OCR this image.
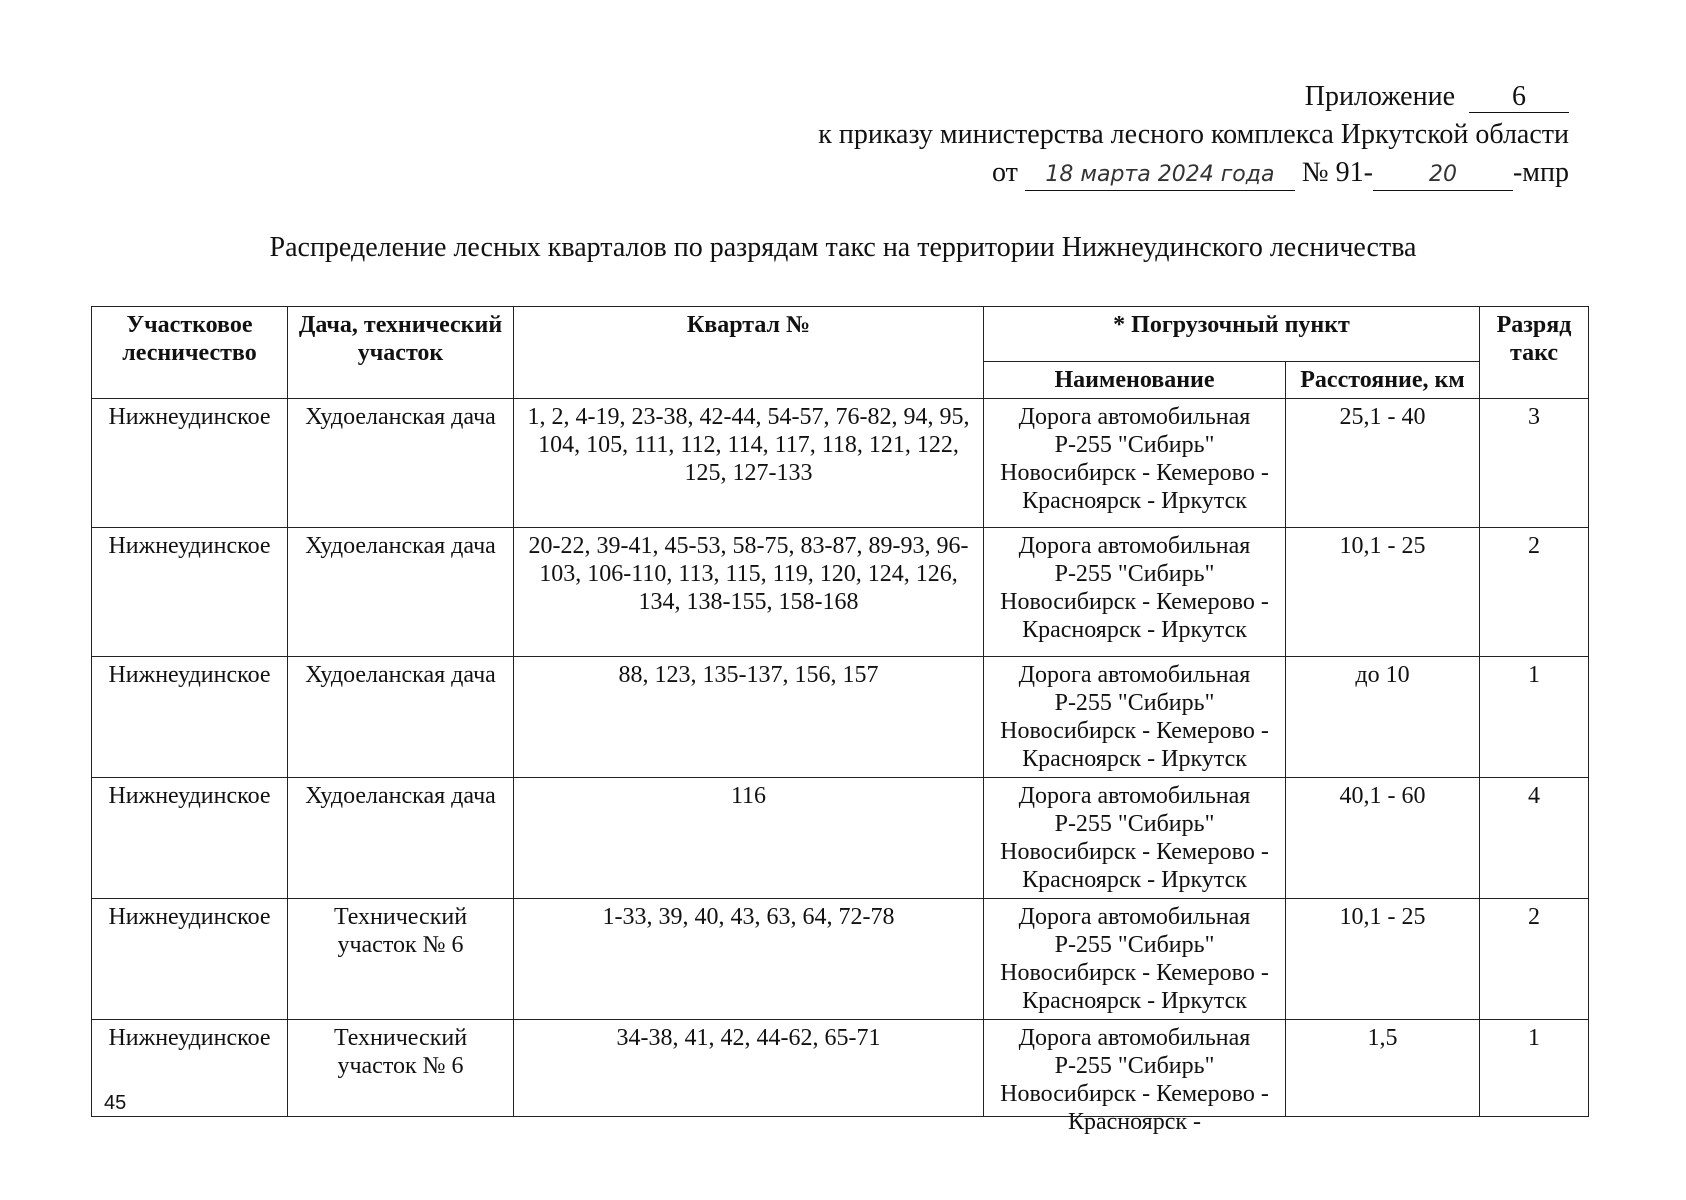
Приложение 6
к приказу министерства лесного комплекса Иркутской области
от 18 марта 2024 года № 91-	20 -мпр
Распределение лесных кварталов по разрядам такс на территории Нижнеудинского лесничества
Участковое лесничество	Дача, технический участок	Квартал №	* Погрузочный пункт		Разряд такс
			Наименование	Расстояние, км	
Нижнеудинское	Худоеланская дача	1, 2, 4-19, 23-38, 42-44, 54-57, 76-82, 94, 95, 104, 105, 111, 112, 114, 117, 118, 121, 122, 125, 127-133	Дорога автомобильная Р-255 "Сибирь" Новосибирск - Кемерово - Красноярск - Иркутск	25,1 - 40	3
Нижнеудинское	Худоеланская дача	20-22, 39-41, 45-53, 58-75, 83-87, 89-93, 96-103, 106-110, 113, 115, 119, 120, 124, 126, 134, 138-155, 158-168	Дорога автомобильная Р-255 "Сибирь" Новосибирск - Кемерово - Красноярск - Иркутск	10,1 - 25	2
Нижнеудинское	Худоеланская дача	88, 123, 135-137, 156, 157	Дорога автомобильная Р-255 "Сибирь" Новосибирск - Кемерово - Красноярск - Иркутск	до 10	1
Нижнеудинское	Худоеланская дача	116	Дорога автомобильная Р-255 "Сибирь" Новосибирск - Кемерово - Красноярск - Иркутск	40,1 - 60	4
Нижнеудинское	Технический участок № 6	1-33, 39, 40, 43, 63, 64, 72-78	Дорога автомобильная Р-255 "Сибирь" Новосибирск - Кемерово - Красноярск - Иркутск	10,1 - 25	2
Нижнеудинское	Технический участок № 6	34-38, 41, 42, 44-62, 65-71	Дорога автомобильная Р-255 "Сибирь" Новосибирск - Кемерово - Красноярск -	1,5	1
45
